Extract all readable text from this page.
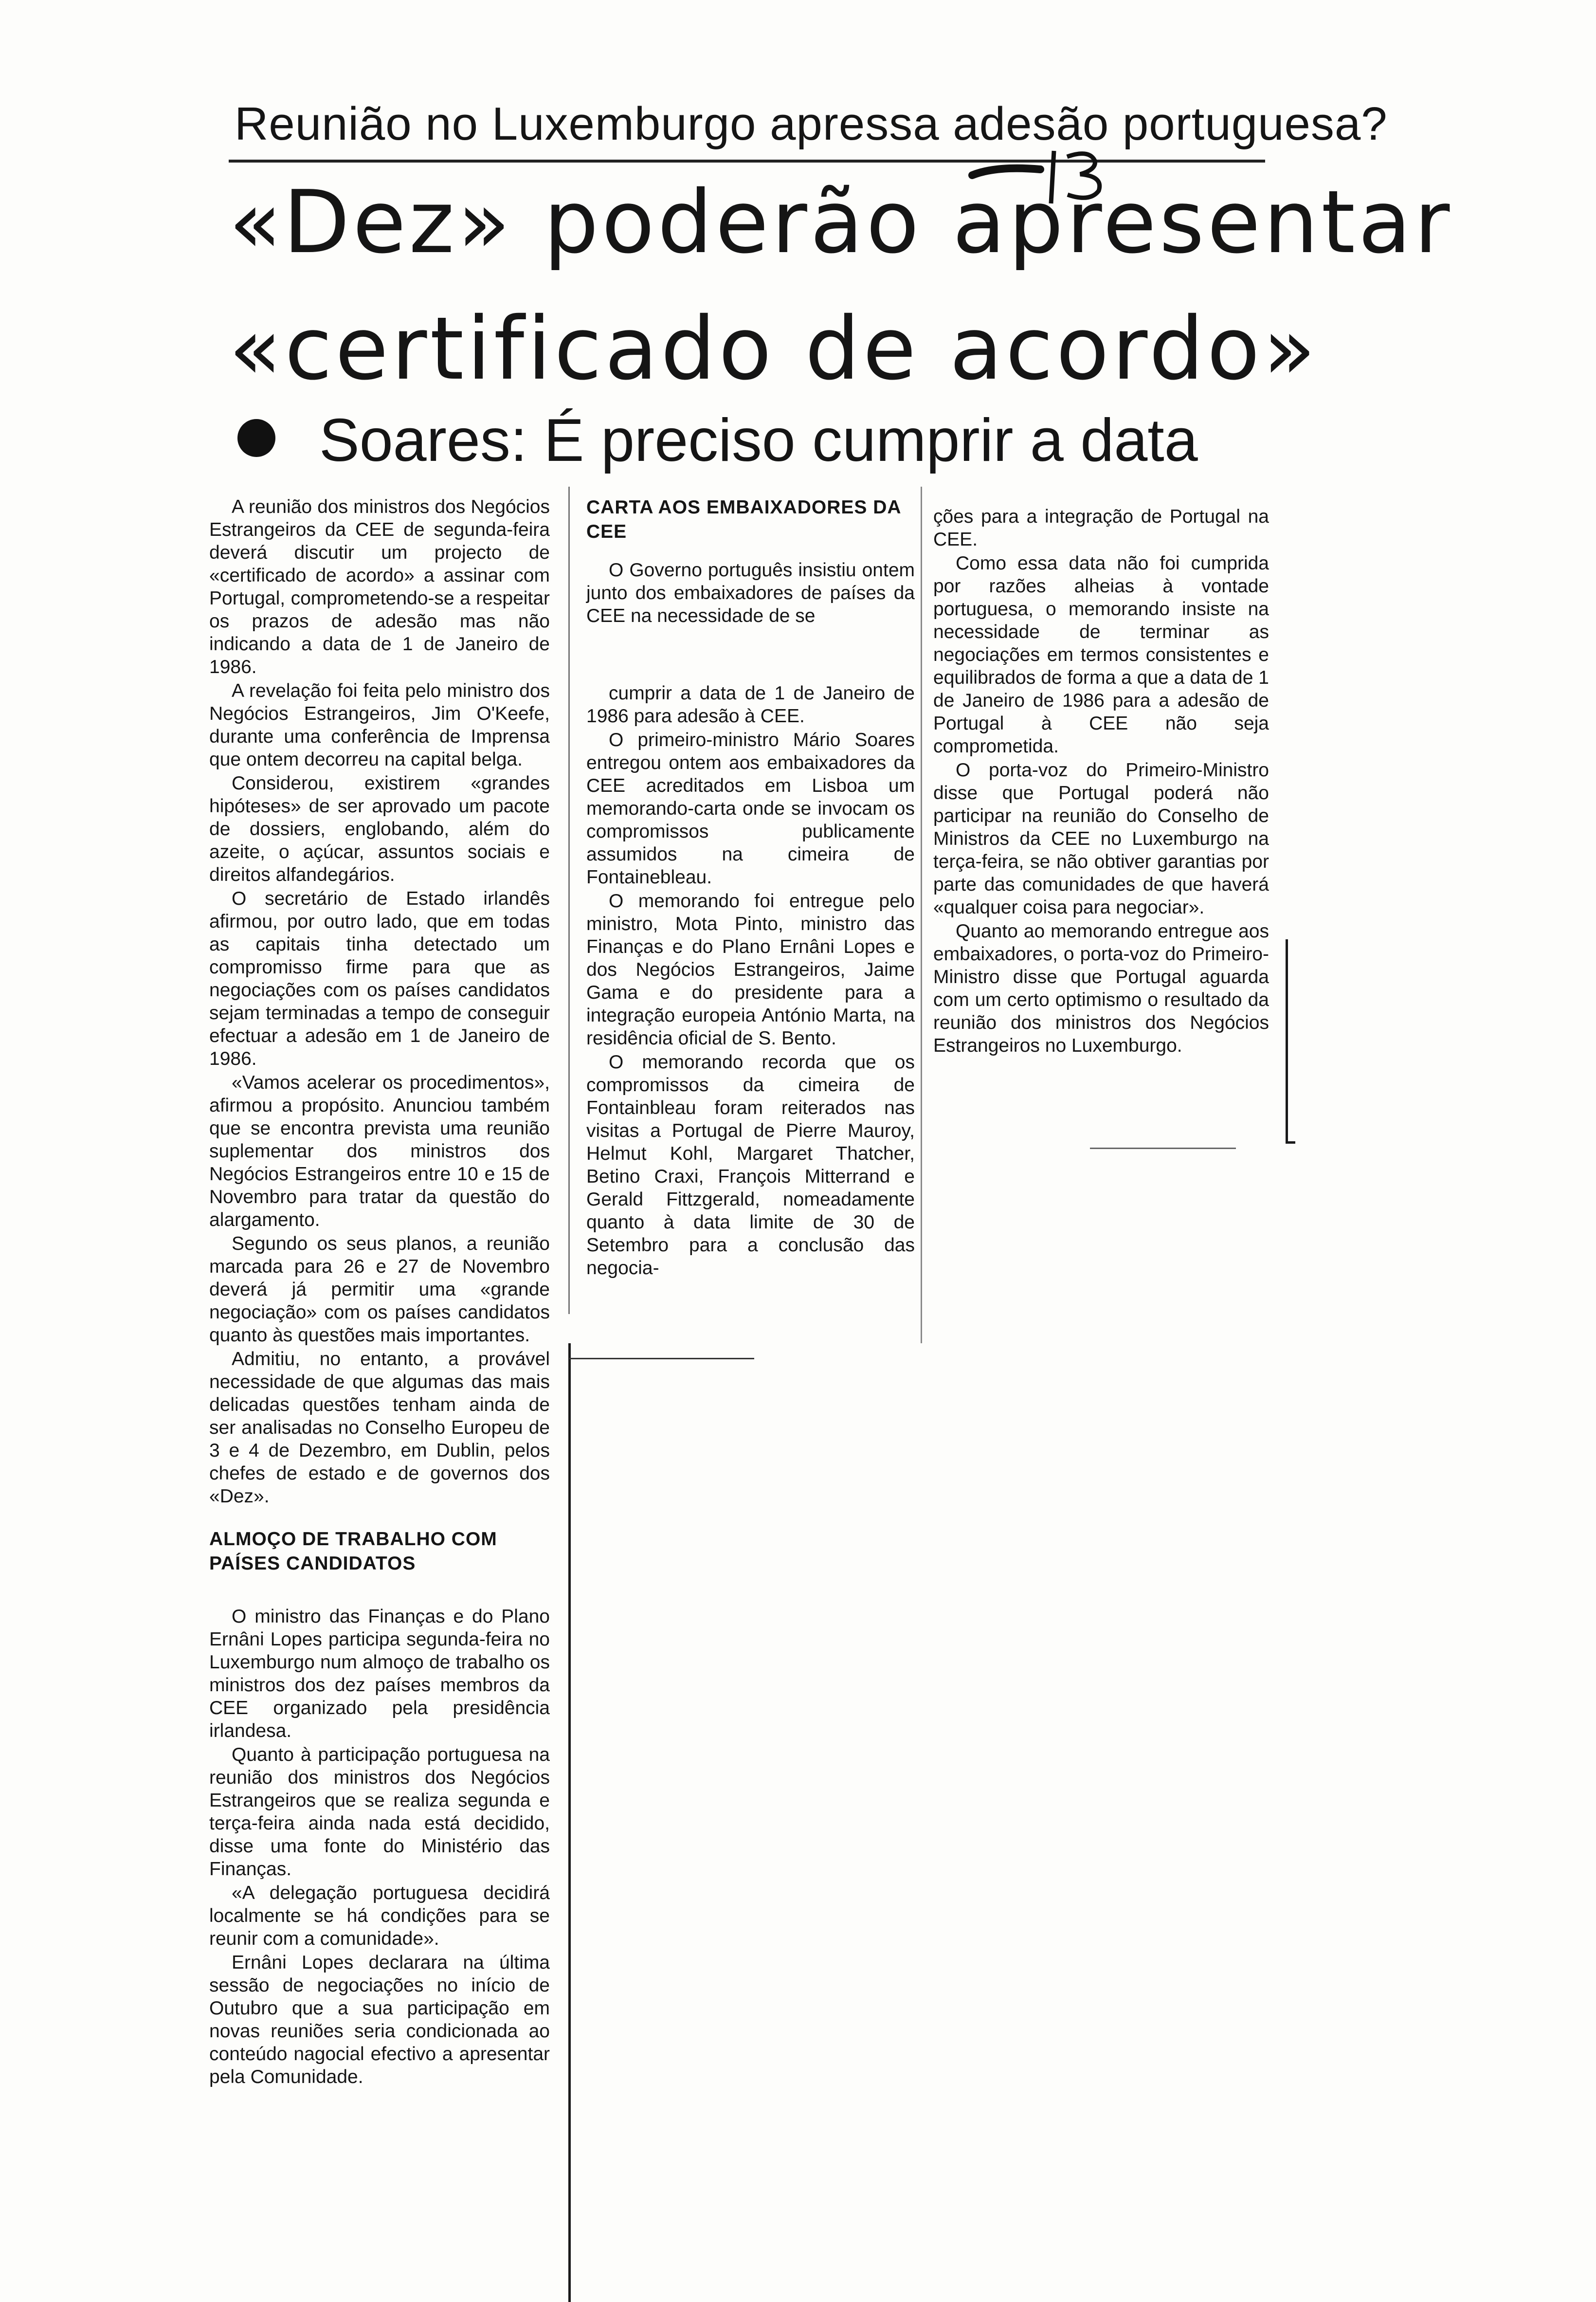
Reunião no Luxemburgo apressa adesão portuguesa?
«Dez» poderão apresentar
«certificado de acordo»
Soares: É preciso cumprir a data

A reunião dos ministros dos Negócios Estrangeiros da CEE de segunda-feira deverá discutir um projecto de «certificado de acordo» a assinar com Portugal, comprometendo-se a respeitar os prazos de adesão mas não indicando a data de 1 de Janeiro de 1986.

A revelação foi feita pelo ministro dos Negócios Estrangeiros, Jim O'Keefe, durante uma conferência de Imprensa que ontem decorreu na capital belga.

Considerou, existirem «grandes hipóteses» de ser aprovado um pacote de dossiers, englobando, além do azeite, o açúcar, assuntos sociais e direitos alfandegários.

O secretário de Estado irlandês afirmou, por outro lado, que em todas as capitais tinha detectado um compromisso firme para que as negociações com os países candidatos sejam terminadas a tempo de conseguir efectuar a adesão em 1 de Janeiro de 1986.

«Vamos acelerar os procedimentos», afirmou a propósito. Anunciou também que se encontra prevista uma reunião suplementar dos ministros dos Negócios Estrangeiros entre 10 e 15 de Novembro para tratar da questão do alargamento.

Segundo os seus planos, a reunião marcada para 26 e 27 de Novembro deverá já permitir uma «grande negociação» com os países candidatos quanto às questões mais importantes.

Admitiu, no entanto, a provável necessidade de que algumas das mais delicadas questões tenham ainda de ser analisadas no Conselho Europeu de 3 e 4 de Dezembro, em Dublin, pelos chefes de estado e de governos dos «Dez».

ALMOÇO DE TRABALHO COM PAÍSES CANDIDATOS

O ministro das Finanças e do Plano Ernâni Lopes participa segunda-feira no Luxemburgo num almoço de trabalho os ministros dos dez países membros da CEE organizado pela presidência irlandesa.

Quanto à participação portuguesa na reunião dos ministros dos Negócios Estrangeiros que se realiza segunda e terça-feira ainda nada está decidido, disse uma fonte do Ministério das Finanças.

«A delegação portuguesa decidirá localmente se há condições para se reunir com a comunidade».

Ernâni Lopes declarara na última sessão de negociações no início de Outubro que a sua participação em novas reuniões seria condicionada ao conteúdo nagocial efectivo a apresentar pela Comunidade.

CARTA AOS EMBAIXADORES DA CEE

O Governo português insistiu ontem junto dos embaixadores de países da CEE na necessidade de se

cumprir a data de 1 de Janeiro de 1986 para adesão à CEE.

O primeiro-ministro Mário Soares entregou ontem aos embaixadores da CEE acreditados em Lisboa um memorando-carta onde se invocam os compromissos publicamente assumidos na cimeira de Fontainebleau.

O memorando foi entregue pelo ministro, Mota Pinto, ministro das Finanças e do Plano Ernâni Lopes e dos Negócios Estrangeiros, Jaime Gama e do presidente para a integração europeia António Marta, na residência oficial de S. Bento.

O memorando recorda que os compromissos da cimeira de Fontainbleau foram reiterados nas visitas a Portugal de Pierre Mauroy, Helmut Kohl, Margaret Thatcher, Betino Craxi, François Mitterrand e Gerald Fittzgerald, nomeadamente quanto à data limite de 30 de Setembro para a conclusão das negocia-

ções para a integração de Portugal na CEE.

Como essa data não foi cumprida por razões alheias à vontade portuguesa, o memorando insiste na necessidade de terminar as negociações em termos consistentes e equilibrados de forma a que a data de 1 de Janeiro de 1986 para a adesão de Portugal à CEE não seja comprometida.

O porta-voz do Primeiro-Ministro disse que Portugal poderá não participar na reunião do Conselho de Ministros da CEE no Luxemburgo na terça-feira, se não obtiver garantias por parte das comunidades de que haverá «qualquer coisa para negociar».

Quanto ao memorando entregue aos embaixadores, o porta-voz do Primeiro-Ministro disse que Portugal aguarda com um certo optimismo o resultado da reunião dos ministros dos Negócios Estrangeiros no Luxemburgo.
